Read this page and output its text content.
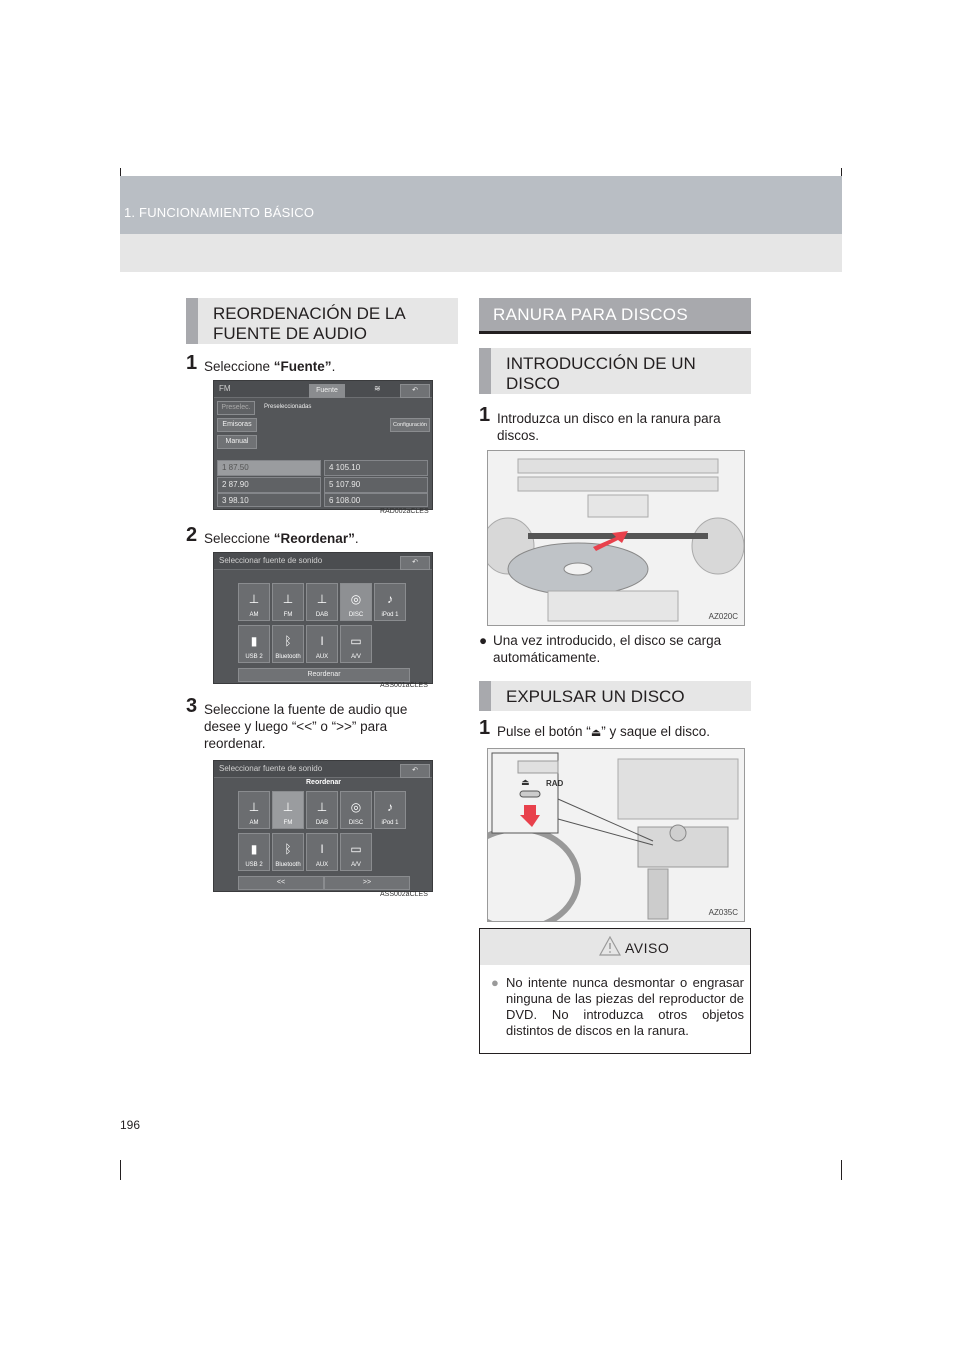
1. FUNCIONAMIENTO BÁSICO
REORDENACIÓN DE LA
FUENTE DE AUDIO
1 Seleccione “Fuente”.
FM	Fuente	≋	↶
Preselec.	Preseleccionadas
Emisoras	Configuración
Manual
1 87.50	4 105.10
2 87.90	5 107.90
3 98.10	6 108.00
RAD002aCLES
2 Seleccione “Reordenar”.
Seleccionar fuente de sonido	↶
⊥
AM
⊥
FM
⊥
DAB
◎
DISC
♪
iPod 1
▮
USB 2
ᛒ
Bluetooth
ǀ
AUX
▭
A/V
Reordenar
ASS001aCLES
3 Seleccione la fuente de audio que
desee y luego “<<” o “>>” para
reordenar.
Seleccionar fuente de sonido
Reordenar
↶
⊥
AM
⊥
FM
⊥
DAB
◎
DISC
♪
iPod 1
▮
USB 2
ᛒ
Bluetooth
ǀ
AUX
▭
A/V
<<	>>
ASS002aCLES
RANURA PARA DISCOS
INTRODUCCIÓN DE UN
DISCO
1 Introduzca un disco en la ranura para
discos.
AZ020C
● Una vez introducido, el disco se carga
automáticamente.
EXPULSAR UN DISCO
1 Pulse el botón “⏏” y saque el disco.
⏏ RAD
AZ035C
AVISO
● No intente nunca desmontar o engrasar ninguna de las piezas del reproductor de DVD. No introduzca otros objetos distintos de discos en la ranura.
196
